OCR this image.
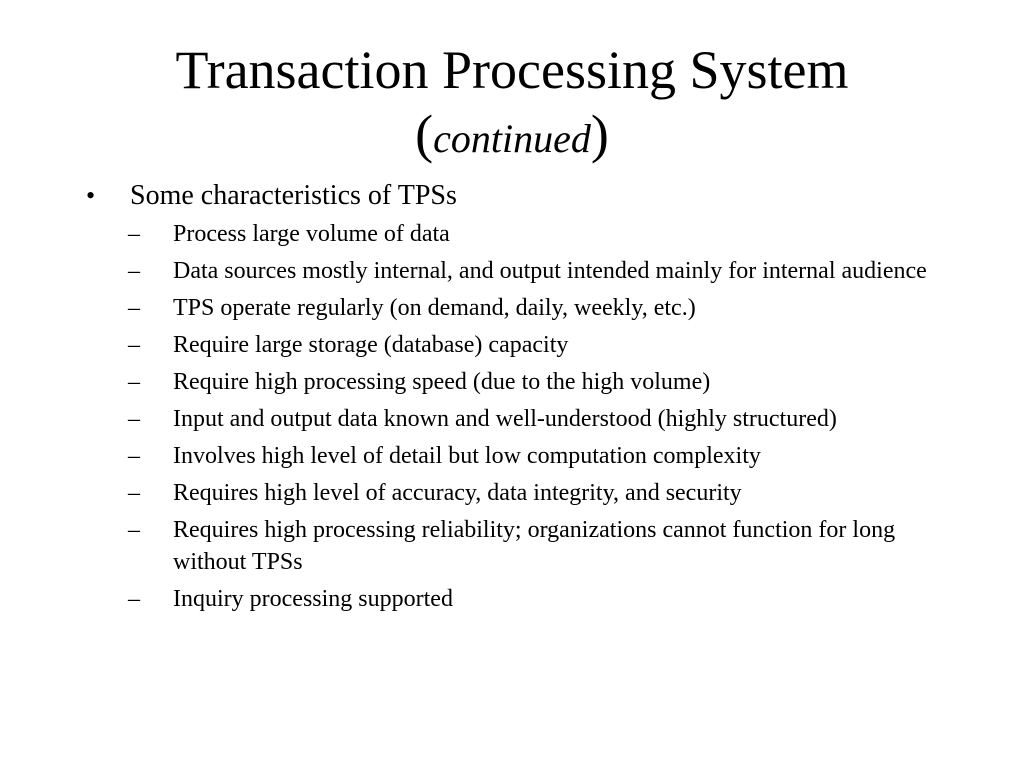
Transaction Processing System
(continued)
• Some characteristics of TPSs
– Process large volume of data
– Data sources mostly internal, and output intended mainly for internal audience
– TPS operate regularly (on demand, daily, weekly, etc.)
– Require large storage (database) capacity
– Require high processing speed (due to the high volume)
– Input and output data known and well-understood (highly structured)
– Involves high level of detail but low computation complexity
– Requires high level of accuracy, data integrity, and security
– Requires high processing reliability; organizations cannot function for long without TPSs
– Inquiry processing supported
